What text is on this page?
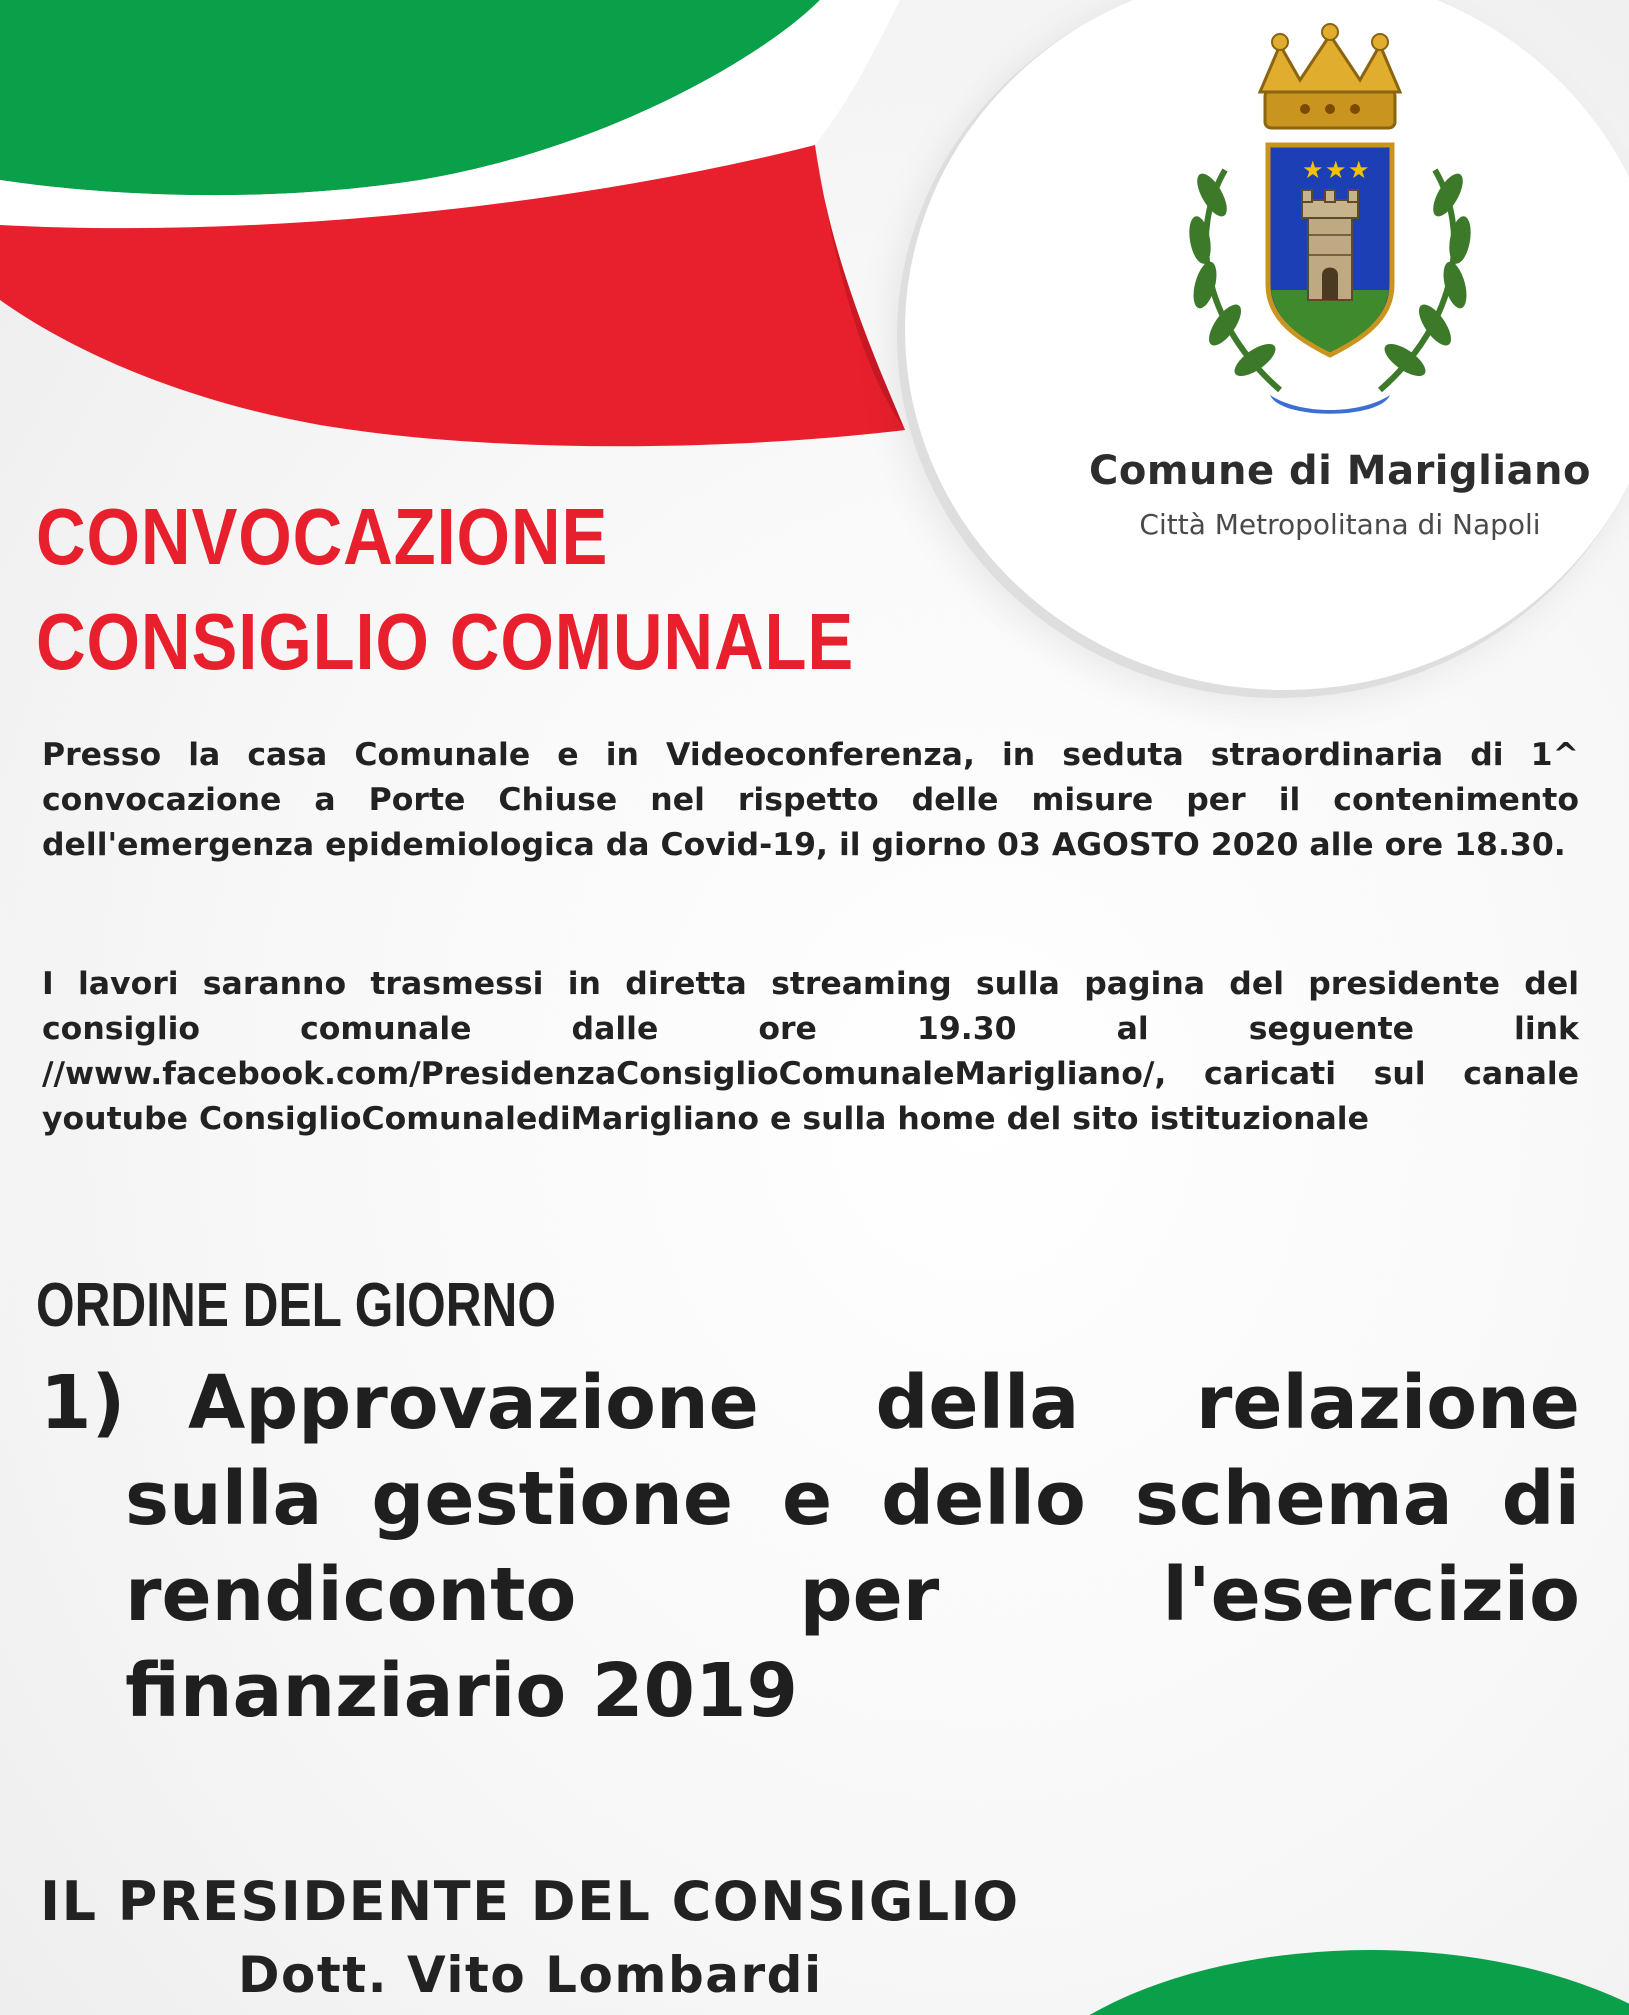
★ ★ ★
Comune di Marigliano
Città Metropolitana di Napoli
CONVOCAZIONE
CONSIGLIO COMUNALE

Presso la casa Comunale e in Videoconferenza, in seduta straordinaria di 1^ convocazione a Porte Chiuse nel rispetto delle misure per il contenimento dell'emergenza epidemiologica da Covid-19, il giorno 03 AGOSTO 2020 alle ore 18.30.

I lavori saranno trasmessi in diretta streaming sulla pagina del presidente del consiglio comunale dalle ore 19.30 al seguente link //www.facebook.com/PresidenzaConsiglioComunaleMarigliano/, caricati sul canale youtube ConsiglioComunalediMarigliano e sulla home del sito istituzionale

ORDINE DEL GIORNO
1) Approvazione della relazione sulla gestione e dello schema di rendiconto per l'esercizio finanziario 2019
IL PRESIDENTE DEL CONSIGLIO
Dott. Vito Lombardi
